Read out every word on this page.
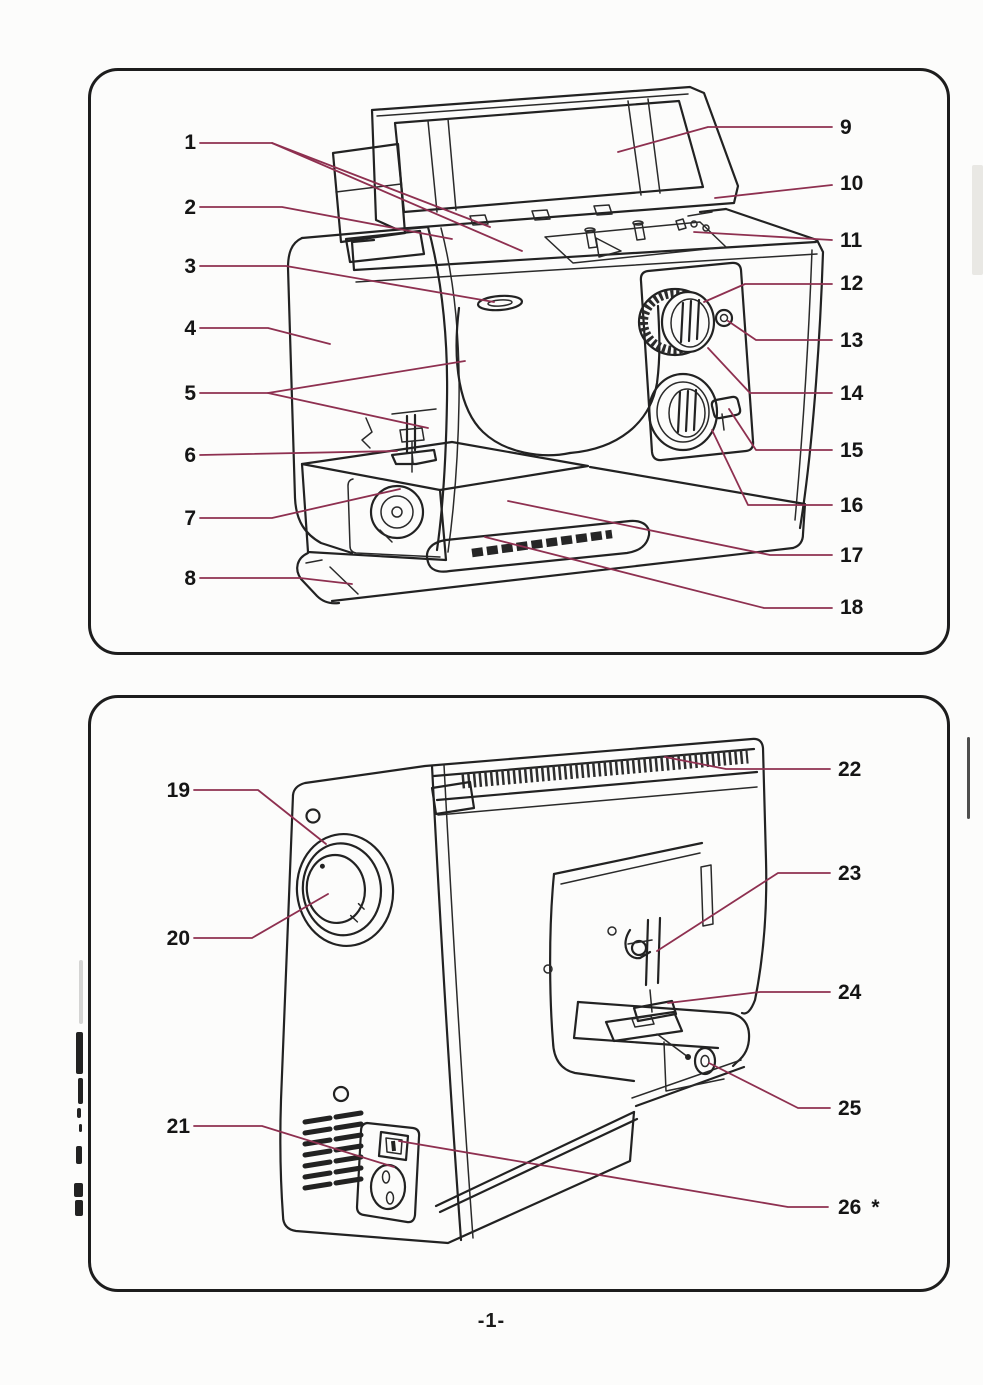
1
2
3
4
5
6
7
8
9
10
11
12
13
14
15
16
17
18
19
20
21
22
23
24
25
26 *
-1-
